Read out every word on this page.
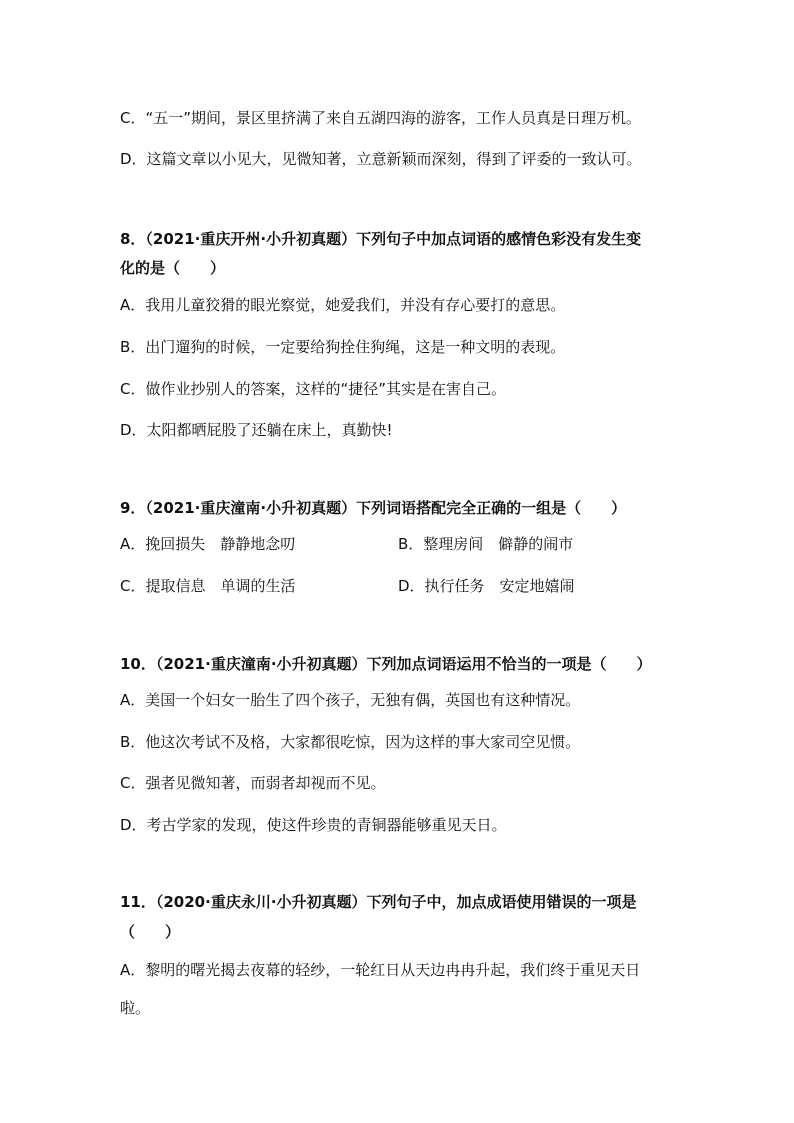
C．“五一”期间，景区里挤满了来自五湖四海的游客，工作人员真是日理万机。
D．这篇文章以小见大，见微知著，立意新颖而深刻，得到了评委的一致认可。
8．（2021·重庆开州·小升初真题）下列句子中加点词语的感情色彩没有发生变
化的是（　　）
A．我用儿童狡猾的眼光察觉，她爱我们，并没有存心要打的意思。
B．出门遛狗的时候，一定要给狗拴住狗绳，这是一种文明的表现。
C．做作业抄别人的答案，这样的“捷径”其实是在害自己。
D．太阳都晒屁股了还躺在床上，真勤快!
9．（2021·重庆潼南·小升初真题）下列词语搭配完全正确的一组是（　　）
A．挽回损失　静静地念叨	B．整理房间　僻静的闹市
C．提取信息　单调的生活	D．执行任务　安定地嬉闹
10．（2021·重庆潼南·小升初真题）下列加点词语运用不恰当的一项是（　　）
A．美国一个妇女一胎生了四个孩子，无独有偶，英国也有这种情况。
B．他这次考试不及格，大家都很吃惊，因为这样的事大家司空见惯。
C．强者见微知著，而弱者却视而不见。
D．考古学家的发现，使这件珍贵的青铜器能够重见天日。
11．（2020·重庆永川·小升初真题）下列句子中，加点成语使用错误的一项是
（　　）
A．黎明的曙光揭去夜幕的轻纱，一轮红日从天边冉冉升起，我们终于重见天日
啦。
